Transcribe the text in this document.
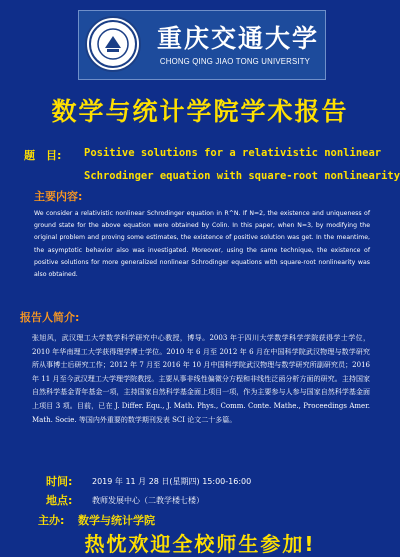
重庆交通大学
CHONG QING JIAO TONG UNIVERSITY
数学与统计学院学术报告
题　目: Positive solutions for a relativistic nonlinear
Schrodinger equation with square-root nonlinearity
主要内容:
We consider a relativistic nonlinear Schrodinger equation in R^N. If N=2, the existence and uniqueness of ground state for the above equation were obtained by Colin. In this paper, when N=3, by modifying the original problem and proving some estimates, the existence of positive solution was get. In the meantime, the asymptotic behavior also was investigated. Moreover, using the same technique, the existence of positive solutions for more generalized nonlinear Schrodinger equations with square-root nonlinearity was also obtained.
报告人简介:
张旭风，武汉理工大学数学科学研究中心教授，博导。2003 年于四川大学数学科学学院获得学士学位，2010 年华南理工大学获得理学博士学位。2010 年 6 月至 2012 年 6 月在中国科学院武汉物理与数学研究所从事博士后研究工作；2012 年 7 月至 2016 年 10 月中国科学院武汉物理与数学研究所副研究员；2016 年 11 月至今武汉理工大学理学院教授。主要从事非线性偏微分方程和非线性泛函分析方面的研究。主持国家自然科学基金青年基金一项，主持国家自然科学基金面上项目一项，作为主要参与人参与国家自然科学基金面上项目 3 项。目前，已在 J. Differ. Equ., J. Math. Phys., Comm. Conte. Mathe., Proceedings Amer. Math. Socie. 等国内外重要的数学期刊发表 SCI 论文二十多篇。
时间: 2019 年 11 月 28 日(星期四) 15:00-16:00
地点: 教师发展中心（二教学楼七楼）
主办: 数学与统计学院
热忱欢迎全校师生参加!
